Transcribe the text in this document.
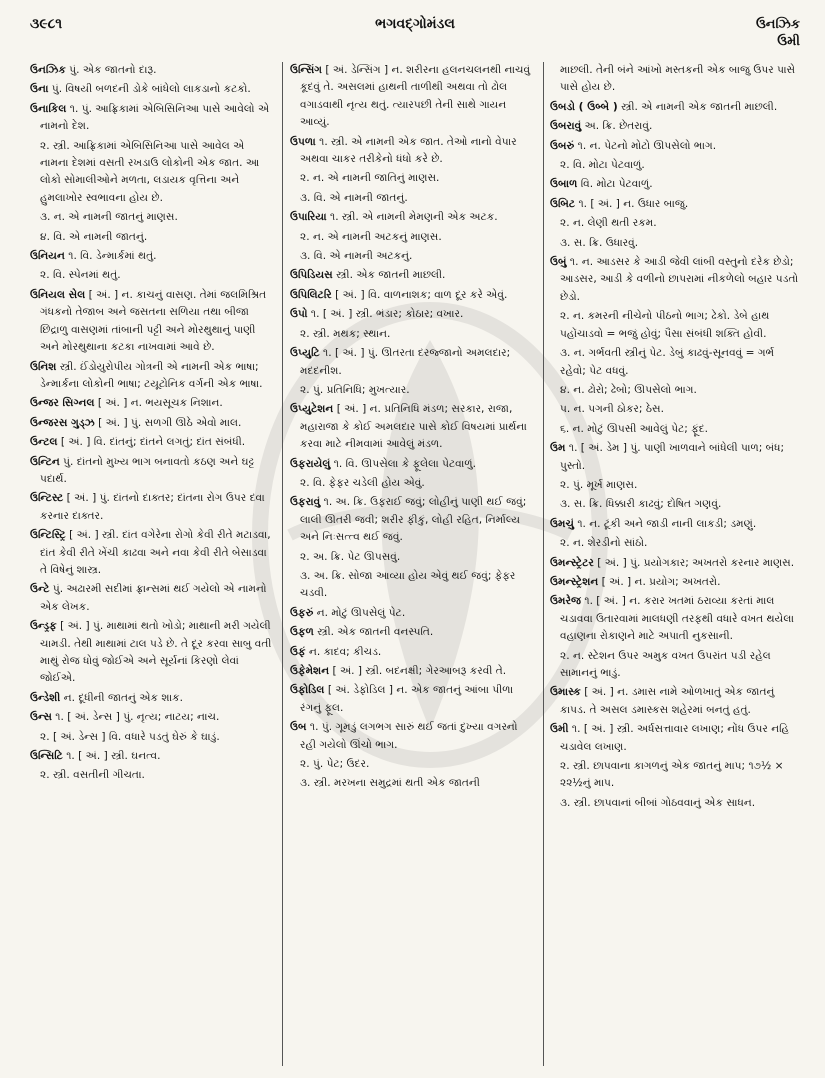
૩૯૮૧	ભગવદ્ગોમંડલ	ઉનઝિક
ઉમી
ઉનઝિક પું. એક જાતનો દારૂ.
ઉના પું. વિષયી બળદની ડોકે બાંધેલો લાકડાનો કટકો.
ઉનાકિલ ૧. પું. આફ્રિકામાં એબિસિનિઆ પાસે આવેલો એ નામનો દેશ.
૨. સ્ત્રી. આફ્રિકામાં એબિસિનિઆ પાસે આવેલ એ નામના દેશમાં વસતી રખડાઉ લોકોની એક જાત. આ લોકો સોમાલીઓને મળતા, લડાયક વૃત્તિના અને હુમલાખોર સ્વભાવના હોય છે.
૩. ન. એ નામની જાતનું માણસ.
૪. વિ. એ નામની જાતનું.
ઉનિયન ૧. વિ. ડેન્માર્કમાં થતું.
૨. વિ. સ્પેનમાં થતું.
ઉનિયલ સેલ [ અં. ] ન. કાચનું વાસણ. તેમાં જલમિશ્રિત ગંધકનો તેજાબ અને જસતના સળિયા તથા બીજા છિદ્રાળુ વાસણમાં તાંબાની પટ્ટી અને મોરથુથાનું પાણી અને મોરથુથાના કટકા નાખવામાં આવે છે.
ઉનિશ સ્ત્રી. ઈંડોયુરોપીય ગોત્રની એ નામની એક ભાષા; ડેન્માર્કના લોકોની ભાષા; ટયૂટોનિક વર્ગની એક ભાષા.
ઉન્જર સિગ્નલ [ અં. ] ન. ભયસૂચક નિશાન.
ઉન્જરસ ગુડ્ઝ [ અં. ] પું. સળગી ઊઠે એવો માલ.
ઉન્ટલ [ અં. ] વિ. દાંતનું; દાંતને લગતું; દાંત સંબંધી.
ઉન્ટિન પું. દાંતનો મુખ્ય ભાગ બનાવતો કઠણ અને ઘટ્ટ પદાર્થ.
ઉન્ટિસ્ટ [ અં. ] પું. દાંતનો દાક્તર; દાંતના રોગ ઉપર દવા કરનાર દાક્તર.
ઉન્ટિસ્ટ્રિ [ અં. ] સ્ત્રી. દાંત વગેરેના રોગો કેવી રીતે મટાડવા, દાંત કેવી રીતે ખેંચી કાઢવા અને નવા કેવી રીતે બેસાડવા તે વિષેનું શાસ્ત્ર.
ઉન્ટે પું. અઢારમી સદીમાં ફ્રાન્સમાં થઈ ગયેલો એ નામનો એક લેખક.
ઉન્ડ્રફ [ અં. ] પું. માથામાં થતો ખોડો; માથાની મરી ગયેલી ચામડી. તેથી માથામાં ટાલ પડે છે. તે દૂર કરવા સાબુ વતી માથું રોજ ધોવું જોઈએ અને સૂર્યનાં કિરણો લેવાં જોઈએ.
ઉન્ડેશી ન. દૂધીની જાતનું એક શાક.
ઉન્સ ૧. [ અં. ડેન્સ ] પું. નૃત્ય; નાટય; નાચ.
૨. [ અં. ડેન્સ ] વિ. વધારે પડતું ઘેરું કે ઘાડું.
ઉન્સિટિ ૧. [ અં. ] સ્ત્રી. ઘનત્વ.
૨. સ્ત્રી. વસતીની ગીચતા.
ઉન્સિંગ [ અં. ડેન્સિંગ ] ન. શરીરના હલનચલનથી નાચવું કૂદવું તે. અસલમાં હાથની તાળીથી અથવા તો ઢોલ વગાડવાથી નૃત્ય થતું. ત્યારપછી તેની સાથે ગાયન આવ્યું.
ઉપળા ૧. સ્ત્રી. એ નામની એક જાત. તેઓ નાનો વેપાર અથવા ચાકર તરીકેનો ધંધો કરે છે.
૨. ન. એ નામની જાતિનું માણસ.
૩. વિ. એ નામની જાતનું.
ઉપારિયા ૧. સ્ત્રી. એ નામની મેમણની એક અટક.
૨. ન. એ નામની અટકનું માણસ.
૩. વિ. એ નામની અટકનું.
ઉપિડિયસ સ્ત્રી. એક જાતની માછલી.
ઉપિલિટરિ [ અં. ] વિ. વાળનાશક; વાળ દૂર કરે એવું.
ઉપો ૧. [ અં. ] સ્ત્રી. ભંડાર; કોઠાર; વખાર.
૨. સ્ત્રી. મથક; સ્થાન.
ઉપ્યુટિ ૧. [ અં. ] પું. ઊતરતા દરજ્જાનો અમલદાર; મદદનીશ.
૨. પું. પ્રતિનિધિ; મુખત્યાર.
ઉપ્યુટેશન [ અં. ] ન. પ્રતિનિધિ મંડળ; સરકાર, રાજા, મહારાજા કે કોઈ અમલદાર પાસે કોઈ વિષયમાં પ્રાર્થના કરવા માટે નીમવામાં આવેલું મંડળ.
ઉફરાયેલું ૧. વિ. ઊપસેલા કે ફૂલેલા પેટવાળું.
૨. વિ. ફેફર ચડેલી હોય એવું.
ઉફરાવું ૧. અ. ક્રિ. ઉફરાઈ જવું; લોહીનું પાણી થઈ જવું; લાલી ઊતરી જવી; શરીર ફીકું, લોહી રહિત, નિર્માલ્ય અને નિઃસત્ત્વ થઈ જવું.
૨. અ. ક્રિ. પેટ ઊપસવું.
૩. અ. ક્રિ. સોજા આવ્યા હોય એવું થઈ જવું; ફેફર ચડવી.
ઉફરું ન. મોટું ઊપસેલું પેટ.
ઉફળ સ્ત્રી. એક જાતની વનસ્પતિ.
ઉફં ન. કાદવ; કીચડ.
ઉફેમેશન [ અં. ] સ્ત્રી. બદનક્ષી; ગેરઆબરૂ કરવી તે.
ઉફોડિલ [ અં. ડેફોડિલ ] ન. એક જાતનું આંબા પીળા રંગનું ફૂલ.
ઉબ ૧. પું. ગૂમડું લગભગ સારું થઈ જતાં દુખ્યા વગરનો રહી ગયેલો ઊંચો ભાગ.
૨. પું. પેટ; ઉદર.
૩. સ્ત્રી. મરખના સમુદ્રમાં થતી એક જાતની
માછલી. તેની બંને આંખો મસ્તકની એક બાજુ ઉપર પાસે પાસે હોય છે.
ઉબડો ( ઉબ્બે ) સ્ત્રી. એ નામની એક જાતની માછલી.
ઉબરાવું અ. ક્રિ. છેતરાવું.
ઉબરું ૧. ન. પેટનો મોટો ઊપસેલો ભાગ.
૨. વિ. મોટા પેટવાળું.
ઉબાળ વિ. મોટા પેટવાળું.
ઉબિટ ૧. [ અં. ] ન. ઉધાર બાજુ.
૨. ન. લેણી થતી રકમ.
૩. સ. ક્રિ. ઉધારવું.
ઉબું ૧. ન. આડસર કે આડી જેવી લાંબી વસ્તુનો દરેક છેડો; આડસર, આડી કે વળીનો છાપરામાં નીકળેલો બહાર પડતો છેડો.
૨. ન. કમરની નીચેનો પીઠનો ભાગ; ઢેકો. ડેબે હાથ પહોંચાડવો = ભજું હોવું; પૈસા સંબંધી શક્તિ હોવી.
૩. ન. ગર્ભવતી સ્ત્રીનું પેટ. ડેબું કાઢવું-સૂનવવું = ગર્ભ રહેવો; પેટ વધવું.
૪. ન. ઢોરો; ઢેબો; ઊપસેલો ભાગ.
પ. ન. પગની ઠોકર; ઠેસ.
૬. ન. મોટું ઊપસી આવેલું પેટ; ફૂંદ.
ઉમ ૧. [ અં. ડેમ ] પું. પાણી ખાળવાને બાંધેલી પાળ; બંધ; પુસ્તો.
૨. પું. મૂર્ખ માણસ.
૩. સ. ક્રિ. ધિક્કારી કાઢવું; દોષિત ગણવું.
ઉમચું ૧. ન. ટૂંકી અને જાડી નાની લાકડી; ડમણું.
૨. ન. શેરડીનો સાંઠો.
ઉમન્સ્ટ્રેટર [ અં. ] પું. પ્રયોગકાર; અખતરો કરનાર માણસ.
ઉમન્સ્ટ્રેશન [ અં. ] ન. પ્રયોગ; અખતરો.
ઉમરેજ ૧. [ અં. ] ન. કરાર ખતમાં ઠરાવ્યા કરતાં માલ ચડાવવા ઉતારવામાં માલધણી તરફથી વધારે વખત થયેલા વહાણના રોકાણને માટે અપાતી નુકસાની.
૨. ન. સ્ટેશન ઉપર અમુક વખત ઉપરાંત પડી રહેલ સામાનનું ભાડું.
ઉમાસ્ક [ અં. ] ન. ડમાસ નામે ઓળખાતું એક જાતનું કાપડ. તે અસલ ડમાસ્કસ શહેરમાં બનતું હતું.
ઉમી ૧. [ અં. ] સ્ત્રી. અર્ધસત્તાવાર લખાણ; નોંધ ઉપર નહિ ચડાવેલ લખાણ.
૨. સ્ત્રી. છાપવાના કાગળનું એક જાતનું માપ; ૧૭½ × ૨૨½નું માપ.
૩. સ્ત્રી. છાપવાનાં બીબાં ગોઠવવાનું એક સાધન.
